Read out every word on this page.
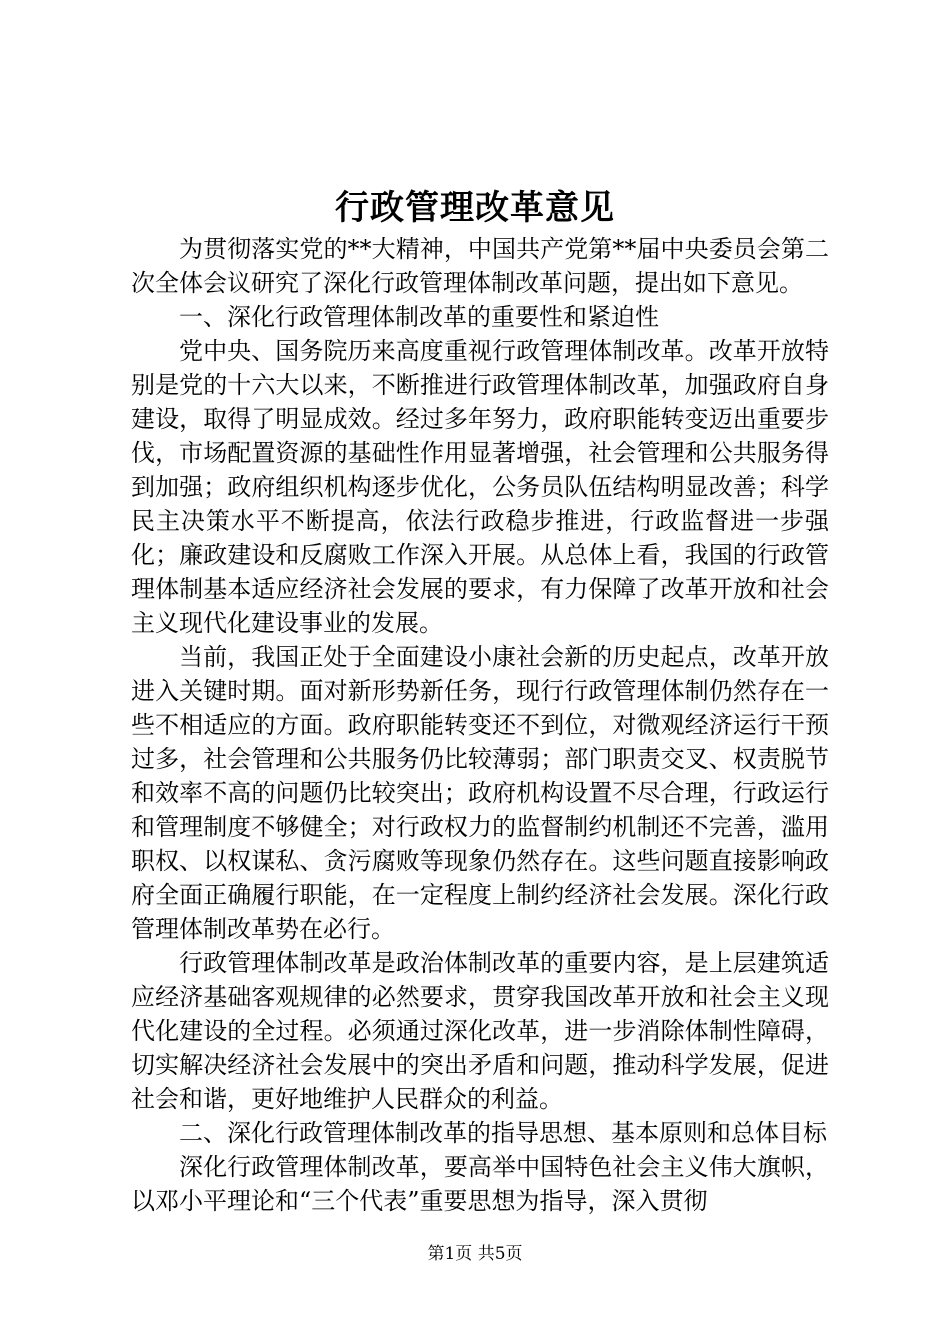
行政管理改革意见

为贯彻落实党的**大精神，中国共产党第**届中央委员会第二次全体会议研究了深化行政管理体制改革问题，提出如下意见。

一、深化行政管理体制改革的重要性和紧迫性

党中央、国务院历来高度重视行政管理体制改革。改革开放特别是党的十六大以来，不断推进行政管理体制改革，加强政府自身建设，取得了明显成效。经过多年努力，政府职能转变迈出重要步伐，市场配置资源的基础性作用显著增强，社会管理和公共服务得到加强；政府组织机构逐步优化，公务员队伍结构明显改善；科学民主决策水平不断提高，依法行政稳步推进，行政监督进一步强化；廉政建设和反腐败工作深入开展。从总体上看，我国的行政管理体制基本适应经济社会发展的要求，有力保障了改革开放和社会主义现代化建设事业的发展。

当前，我国正处于全面建设小康社会新的历史起点，改革开放进入关键时期。面对新形势新任务，现行行政管理体制仍然存在一些不相适应的方面。政府职能转变还不到位，对微观经济运行干预过多，社会管理和公共服务仍比较薄弱；部门职责交叉、权责脱节和效率不高的问题仍比较突出；政府机构设置不尽合理，行政运行和管理制度不够健全；对行政权力的监督制约机制还不完善，滥用职权、以权谋私、贪污腐败等现象仍然存在。这些问题直接影响政府全面正确履行职能，在一定程度上制约经济社会发展。深化行政管理体制改革势在必行。

行政管理体制改革是政治体制改革的重要内容，是上层建筑适应经济基础客观规律的必然要求，贯穿我国改革开放和社会主义现代化建设的全过程。必须通过深化改革，进一步消除体制性障碍，切实解决经济社会发展中的突出矛盾和问题，推动科学发展，促进社会和谐，更好地维护人民群众的利益。

二、深化行政管理体制改革的指导思想、基本原则和总体目标

深化行政管理体制改革，要高举中国特色社会主义伟大旗帜，以邓小平理论和“三个代表”重要思想为指导，深入贯彻

第1页 共5页
